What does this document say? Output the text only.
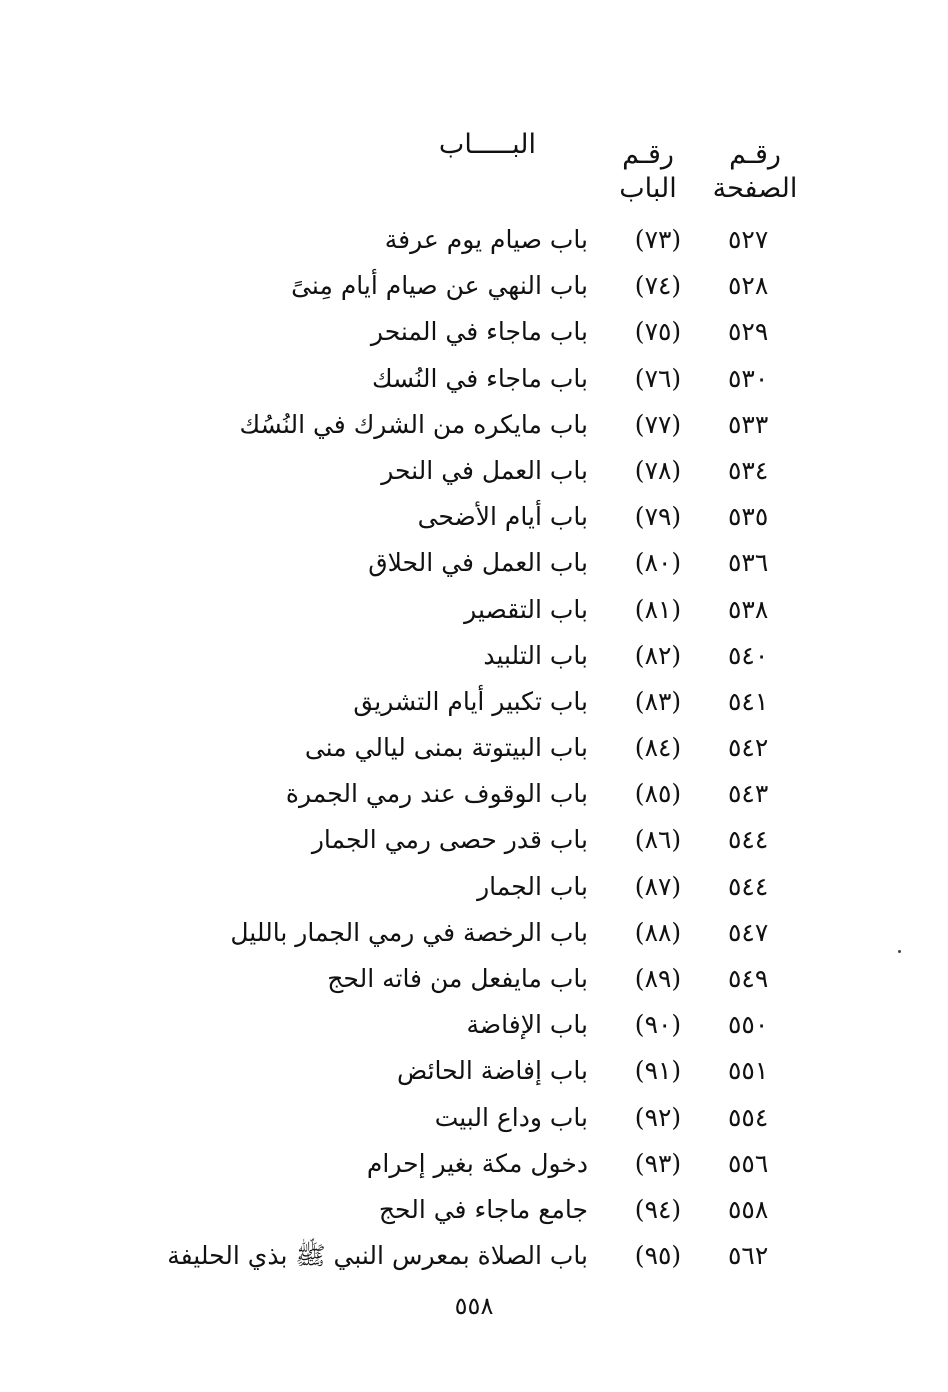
البـــــاب	رقـم
الباب
رقـم
الصفحة
٥٢٧
(٧٣)
باب صيام يوم عرفة
٥٢٨
(٧٤)
باب النهي عن صيام أيام مِنىً
٥٢٩
(٧٥)
باب ماجاء في المنحر
٥٣٠
(٧٦)
باب ماجاء في النُسك
٥٣٣
(٧٧)
باب مايكره من الشرك في النُسُك
٥٣٤
(٧٨)
باب العمل في النحر
٥٣٥
(٧٩)
باب أيام الأضحى
٥٣٦
(٨٠)
باب العمل في الحلاق
٥٣٨
(٨١)
باب التقصير
٥٤٠
(٨٢)
باب التلبيد
٥٤١
(٨٣)
باب تكبير أيام التشريق
٥٤٢
(٨٤)
باب البيتوتة بمنى ليالي منى
٥٤٣
(٨٥)
باب الوقوف عند رمي الجمرة
٥٤٤
(٨٦)
باب قدر حصى رمي الجمار
٥٤٤
(٨٧)
باب الجمار
٥٤٧
(٨٨)
باب الرخصة في رمي الجمار بالليل
٥٤٩
(٨٩)
باب مايفعل من فاته الحج
٥٥٠
(٩٠)
باب الإفاضة
٥٥١
(٩١)
باب إفاضة الحائض
٥٥٤
(٩٢)
باب وداع البيت
٥٥٦
(٩٣)
دخول مكة بغير إحرام
٥٥٨
(٩٤)
جامع ماجاء في الحج
٥٦٢
(٩٥)
باب الصلاة بمعرس النبي ﷺ بذي الحليفة
٥٥٨
